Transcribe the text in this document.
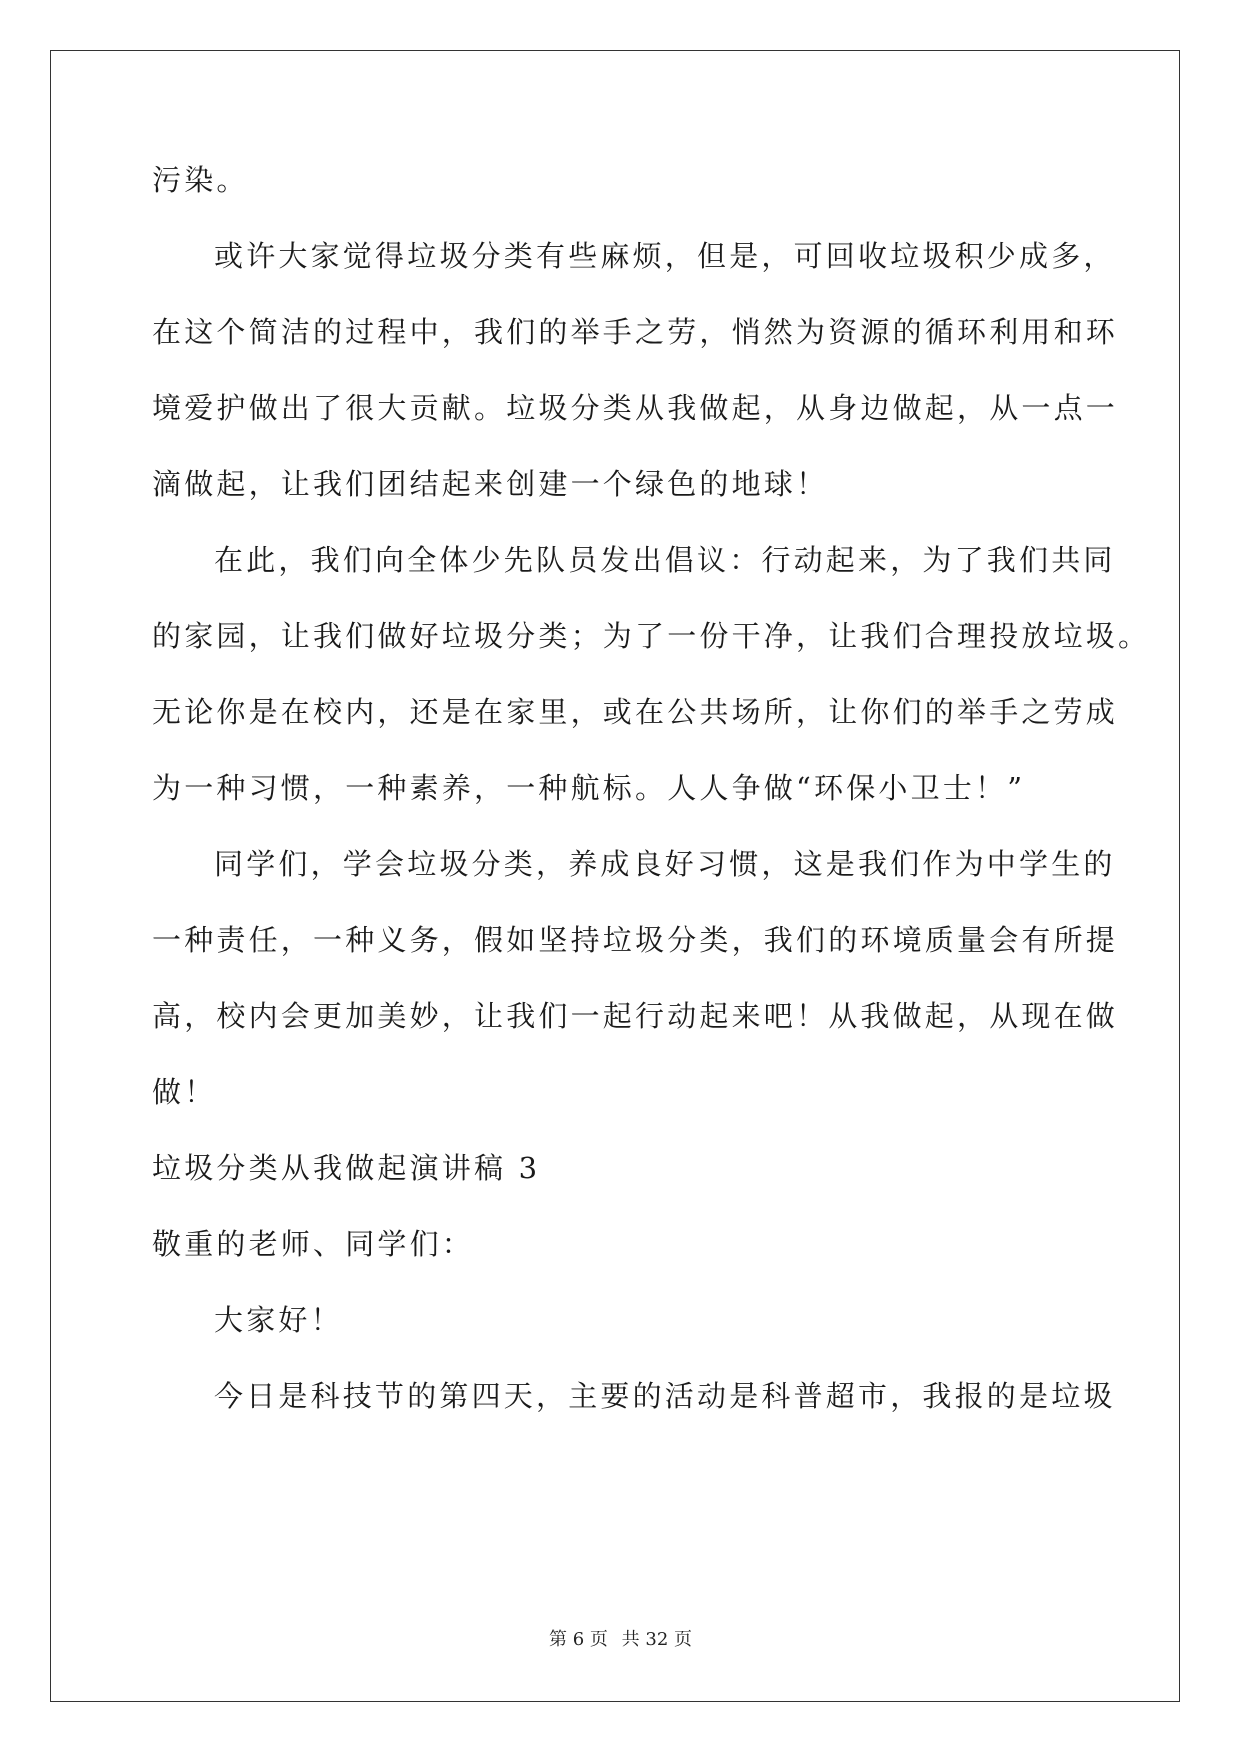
污染。
或许大家觉得垃圾分类有些麻烦，但是，可回收垃圾积少成多，
在这个简洁的过程中，我们的举手之劳，悄然为资源的循环利用和环
境爱护做出了很大贡献。垃圾分类从我做起，从身边做起，从一点一
滴做起，让我们团结起来创建一个绿色的地球！
在此，我们向全体少先队员发出倡议：行动起来，为了我们共同
的家园，让我们做好垃圾分类；为了一份干净，让我们合理投放垃圾。
无论你是在校内，还是在家里，或在公共场所，让你们的举手之劳成
为一种习惯，一种素养，一种航标。人人争做“环保小卫士！”
同学们，学会垃圾分类，养成良好习惯，这是我们作为中学生的
一种责任，一种义务，假如坚持垃圾分类，我们的环境质量会有所提
高，校内会更加美妙，让我们一起行动起来吧！从我做起，从现在做
做！
垃圾分类从我做起演讲稿 3
敬重的老师、同学们：
大家好！
今日是科技节的第四天，主要的活动是科普超市，我报的是垃圾
第 6 页 共 32 页
